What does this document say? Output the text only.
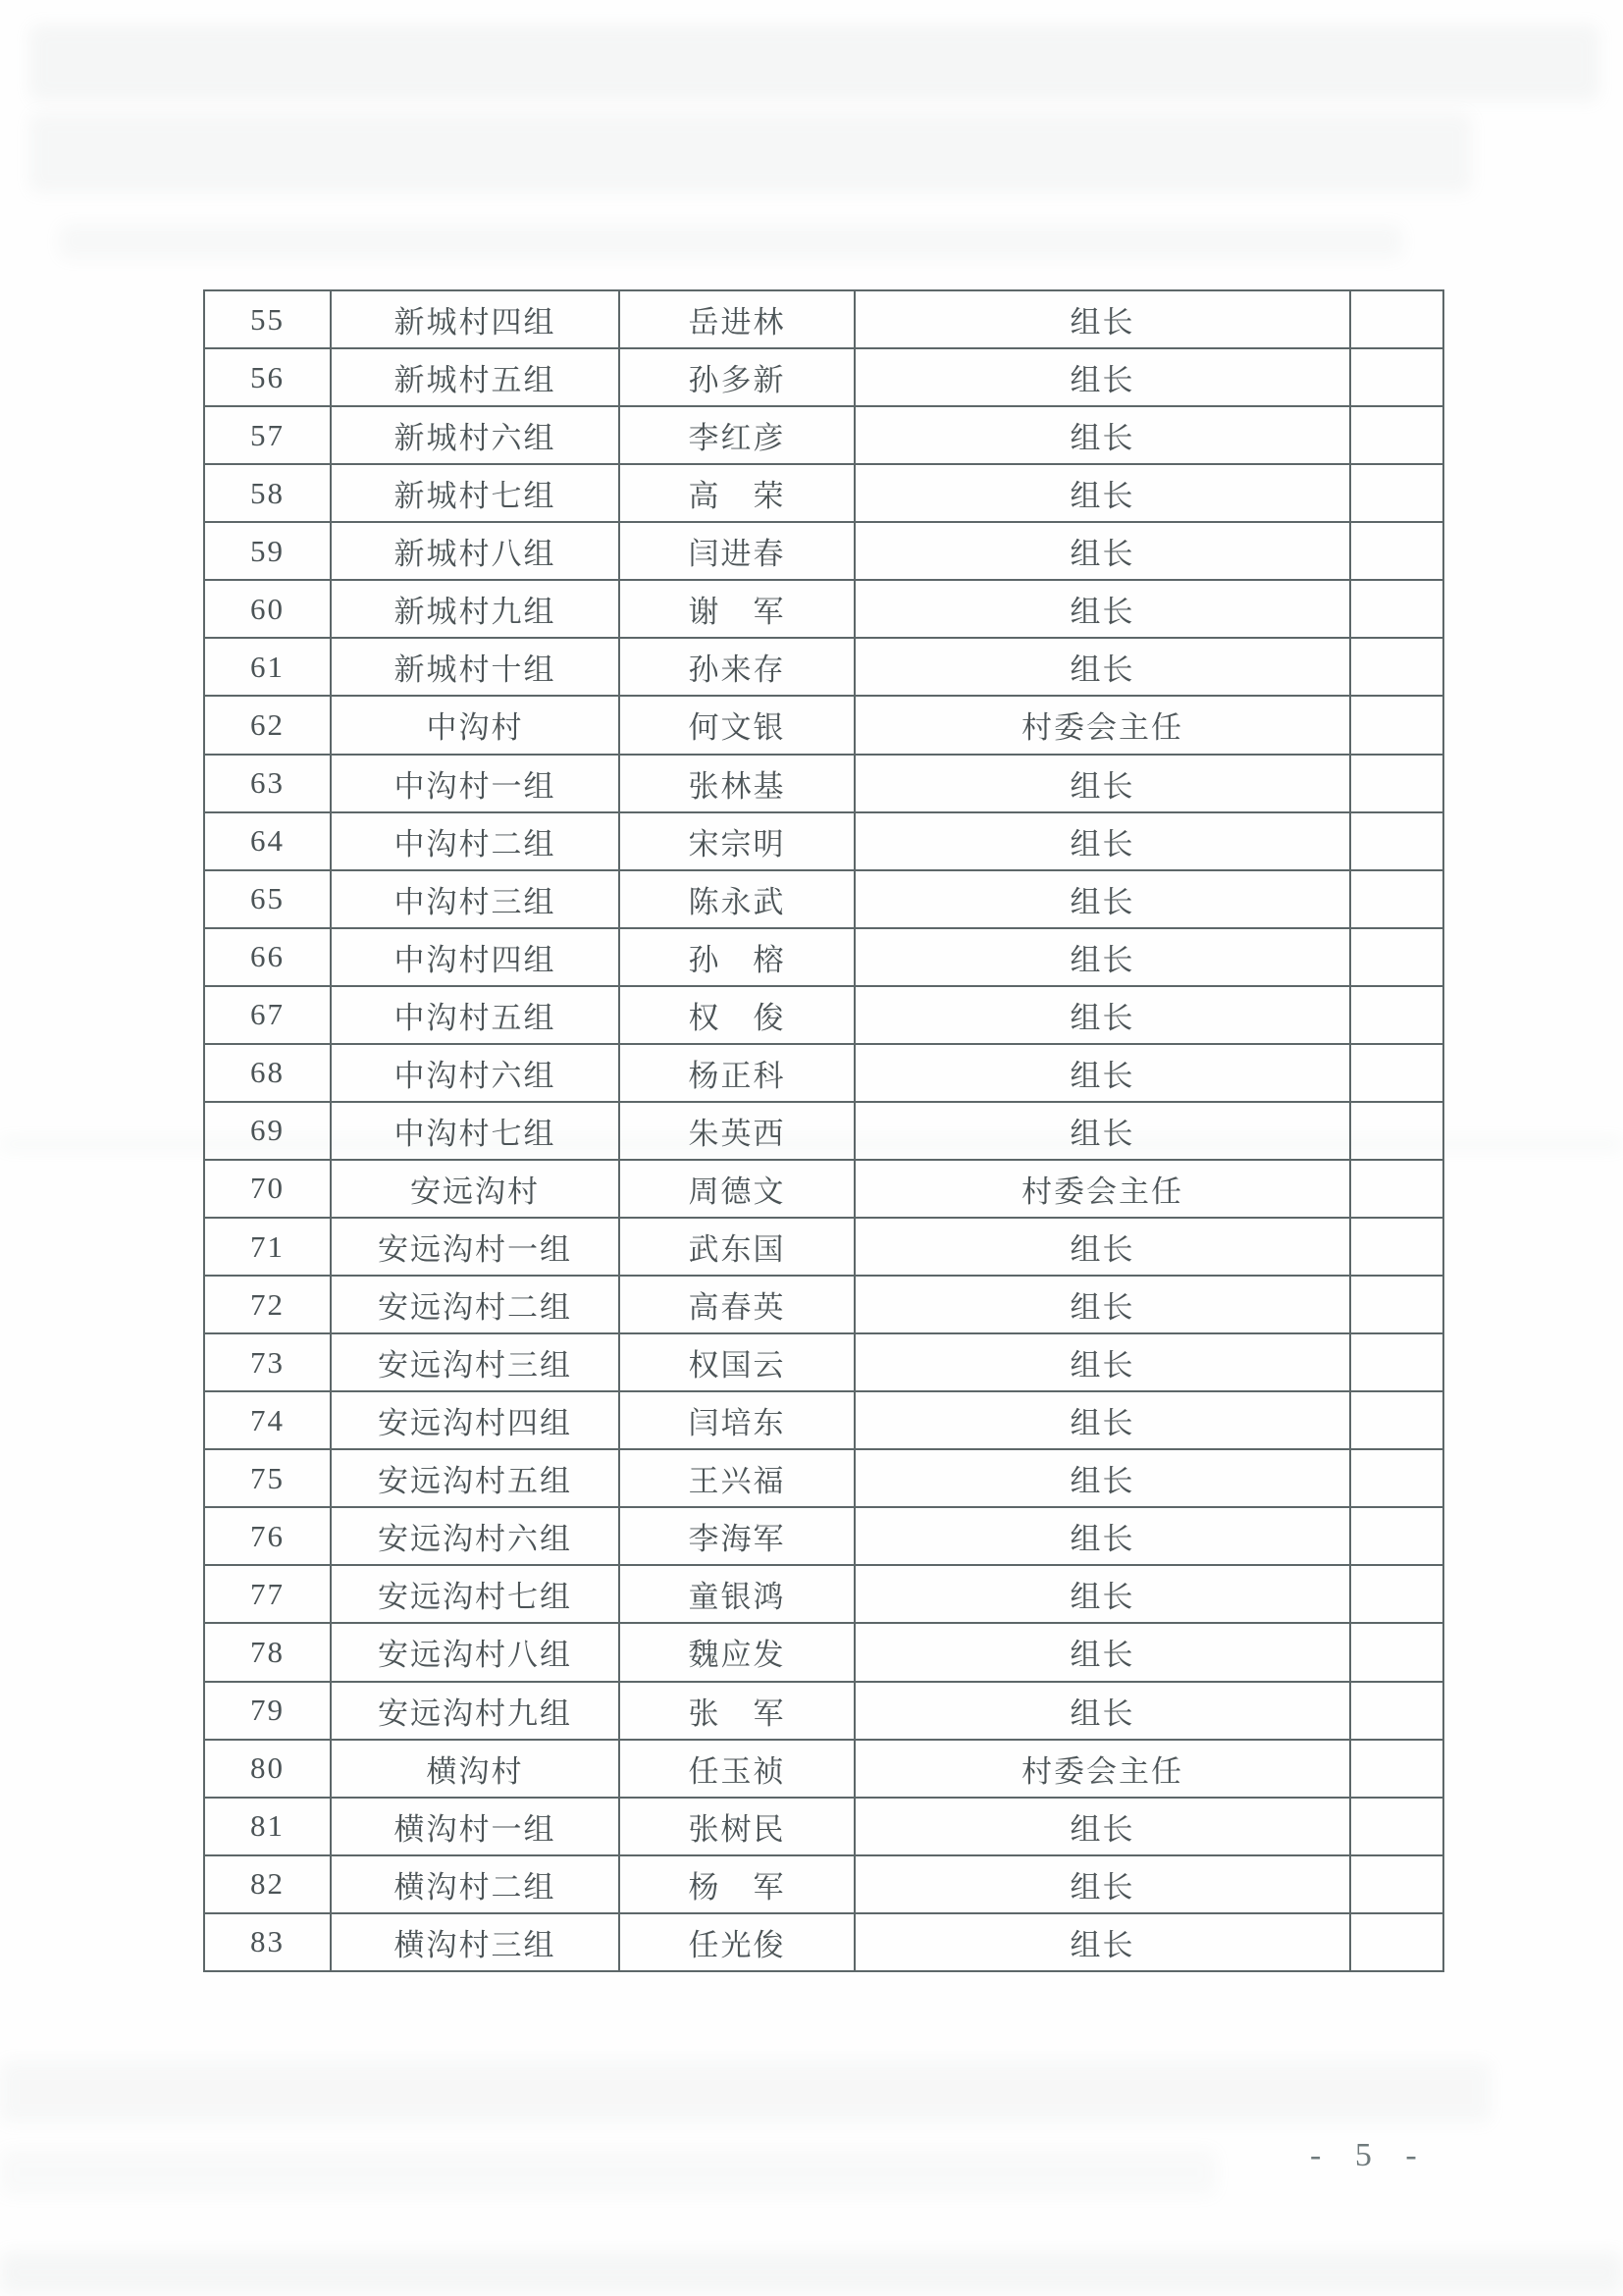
55	新城村四组	岳进林	组长	
56	新城村五组	孙多新	组长	
57	新城村六组	李红彦	组长	
58	新城村七组	高　荣	组长	
59	新城村八组	闫进春	组长	
60	新城村九组	谢　军	组长	
61	新城村十组	孙来存	组长	
62	中沟村	何文银	村委会主任	
63	中沟村一组	张林基	组长	
64	中沟村二组	宋宗明	组长	
65	中沟村三组	陈永武	组长	
66	中沟村四组	孙　榕	组长	
67	中沟村五组	权　俊	组长	
68	中沟村六组	杨正科	组长	
69	中沟村七组	朱英西	组长	
70	安远沟村	周德文	村委会主任	
71	安远沟村一组	武东国	组长	
72	安远沟村二组	高春英	组长	
73	安远沟村三组	权国云	组长	
74	安远沟村四组	闫培东	组长	
75	安远沟村五组	王兴福	组长	
76	安远沟村六组	李海军	组长	
77	安远沟村七组	童银鸿	组长	
78	安远沟村八组	魏应发	组长	
79	安远沟村九组	张　军	组长	
80	横沟村	任玉祯	村委会主任	
81	横沟村一组	张树民	组长	
82	横沟村二组	杨　军	组长	
83	横沟村三组	任光俊	组长	
- 5 -
